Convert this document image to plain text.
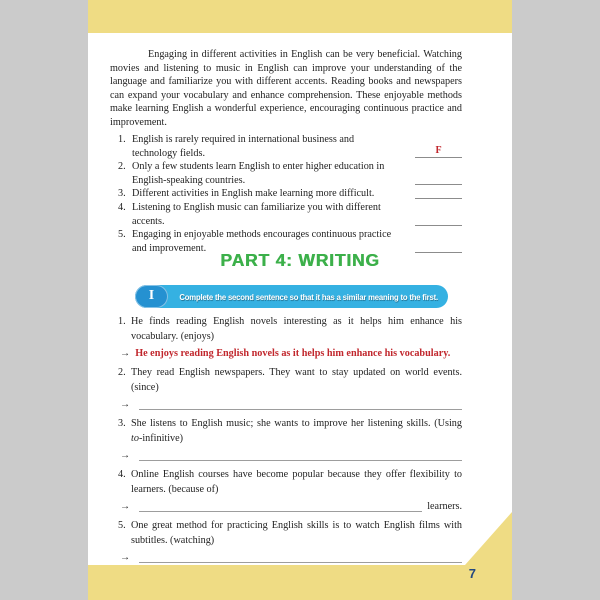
Engaging in different activities in English can be very beneficial. Watching movies and listening to music in English can improve your understanding of the language and familiarize you with different accents. Reading books and newspapers can expand your vocabulary and enhance comprehension. These enjoyable methods make learning English a wonderful experience, encouraging continuous practice and improvement.

1. English is rarely required in international business and technology fields.	F
2. Only a few students learn English to enter higher education in English-speaking countries.
3. Different activities in English make learning more difficult.
4. Listening to English music can familiarize you with different accents.
5. Engaging in enjoyable methods encourages continuous practice and improvement.
PART 4: WRITING
I	Complete the second sentence so that it has a similar meaning to the first.
1. He finds reading English novels interesting as it helps him enhance his vocabulary. (enjoys)
→ He enjoys reading English novels as it helps him enhance his vocabulary.
2. They read English newspapers. They want to stay updated on world events. (since)
→
3. She listens to English music; she wants to improve her listening skills. (Using to-infinitive)
→
4. Online English courses have become popular because they offer flexibility to learners. (because of)
→	learners.
5. One great method for practicing English skills is to watch English films with subtitles. (watching)
→
7
